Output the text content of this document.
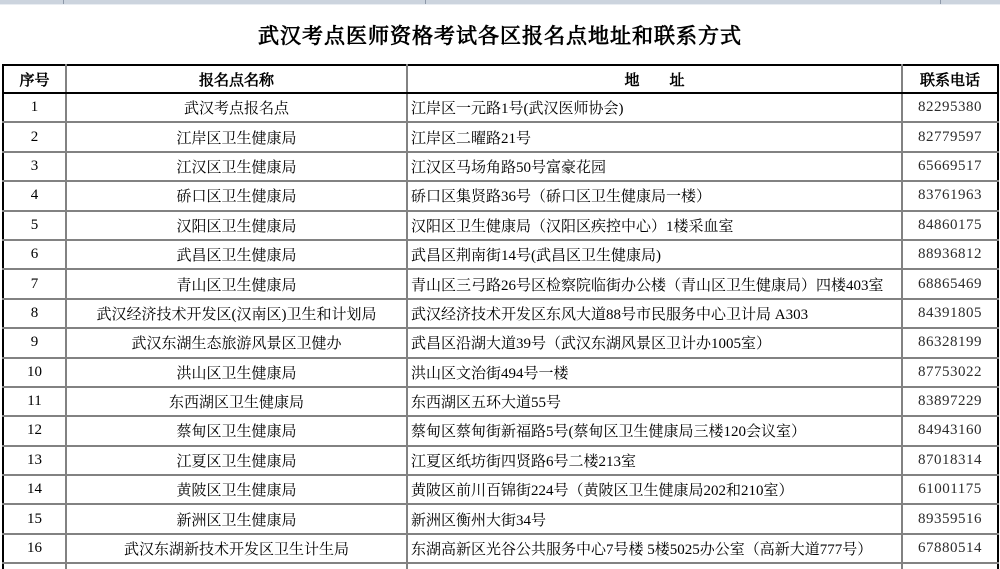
武汉考点医师资格考试各区报名点地址和联系方式
序号	报名点名称	地　　址	联系电话
1	武汉考点报名点	江岸区一元路1号(武汉医师协会)	82295380
2	江岸区卫生健康局	江岸区二曜路21号	82779597
3	江汉区卫生健康局	江汉区马场角路50号富豪花园	65669517
4	硚口区卫生健康局	硚口区集贤路36号（硚口区卫生健康局一楼）	83761963
5	汉阳区卫生健康局	汉阳区卫生健康局（汉阳区疾控中心）1楼采血室	84860175
6	武昌区卫生健康局	武昌区荆南街14号(武昌区卫生健康局)	88936812
7	青山区卫生健康局	青山区三弓路26号区检察院临街办公楼（青山区卫生健康局）四楼403室	68865469
8	武汉经济技术开发区(汉南区)卫生和计划局	武汉经济技术开发区东风大道88号市民服务中心卫计局 A303	84391805
9	武汉东湖生态旅游风景区卫健办	武昌区沿湖大道39号（武汉东湖风景区卫计办1005室）	86328199
10	洪山区卫生健康局	洪山区文治街494号一楼	87753022
11	东西湖区卫生健康局	东西湖区五环大道55号	83897229
12	蔡甸区卫生健康局	蔡甸区蔡甸街新福路5号(蔡甸区卫生健康局三楼120会议室）	84943160
13	江夏区卫生健康局	江夏区纸坊街四贤路6号二楼213室	87018314
14	黄陂区卫生健康局	黄陂区前川百锦街224号（黄陂区卫生健康局202和210室）	61001175
15	新洲区卫生健康局	新洲区衡州大街34号	89359516
16	武汉东湖新技术开发区卫生计生局	东湖高新区光谷公共服务中心7号楼 5楼5025办公室（高新大道777号）	67880514
